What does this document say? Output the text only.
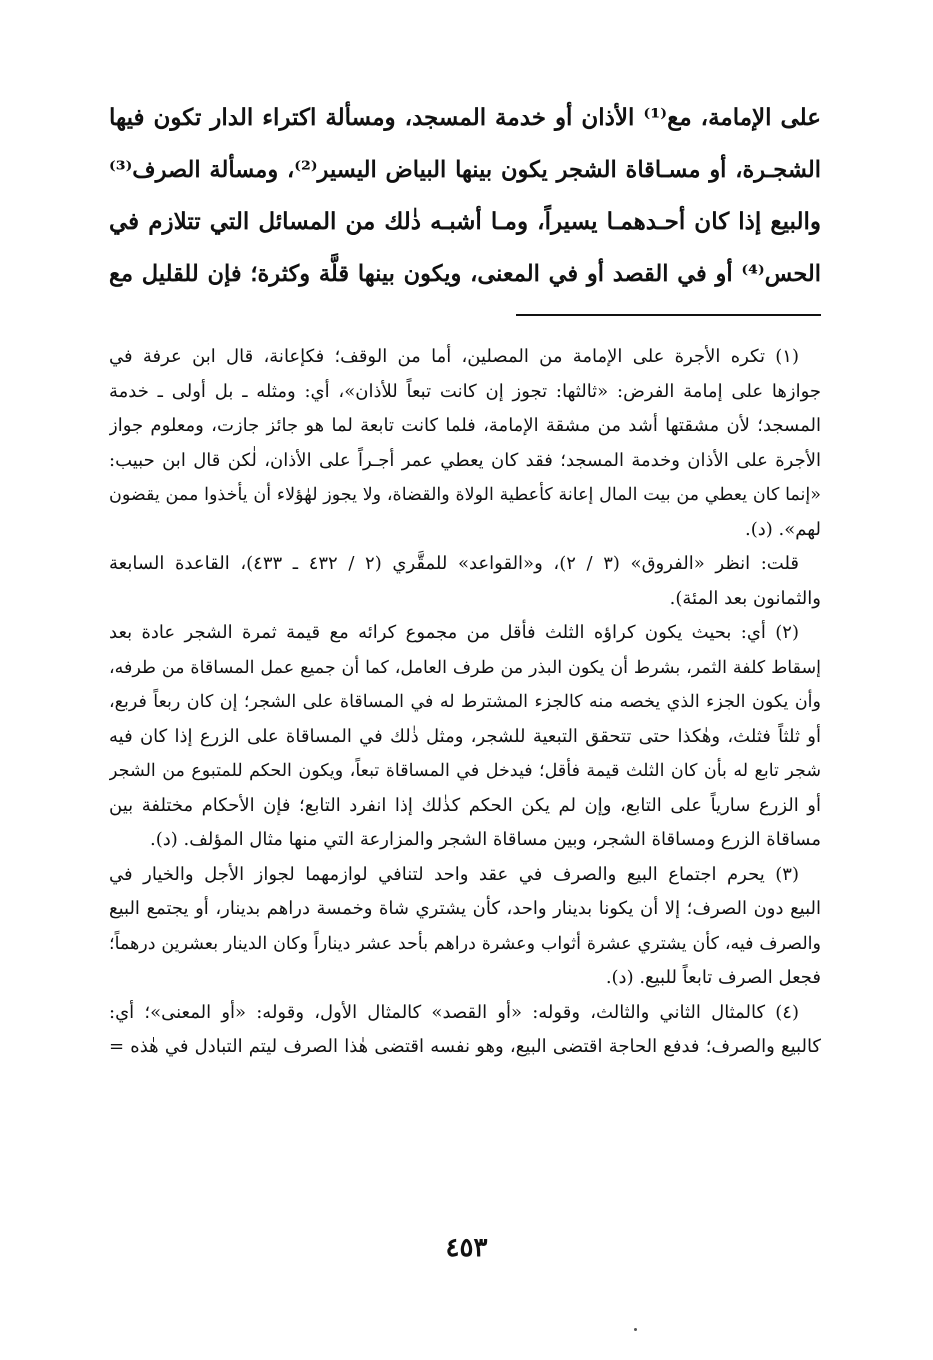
على الإمامة، مع⁽¹⁾ الأذان أو خدمة المسجد، ومسألة اكتراء الدار تكون فيها
الشجـرة، أو مسـاقاة الشجر يكون بينها البياض اليسير⁽²⁾، ومسألة الصرف⁽³⁾
والبيع إذا كان أحـدهمـا يسيراً، ومـا أشبـه ذٰلك من المسائل التي تتلازم في
الحس⁽⁴⁾ أو في القصد أو في المعنى، ويكون بينها قلَّة وكثرة؛ فإن للقليل مع
(١) تكره الأجرة على الإمامة من المصلين، أما من الوقف؛ فكإعانة، قال ابن عرفة في
جوازها على إمامة الفرض: «ثالثها: تجوز إن كانت تبعاً للأذان»، أي: ومثله ـ بل أولى ـ خدمة
المسجد؛ لأن مشقتها أشد من مشقة الإمامة، فلما كانت تابعة لما هو جائز جازت، ومعلوم جواز
الأجرة على الأذان وخدمة المسجد؛ فقد كان يعطي عمر أجـراً على الأذان، لٰكن قال ابن حبيب:
«إنما كان يعطي من بيت المال إعانة كأعطية الولاة والقضاة، ولا يجوز لهٰؤلاء أن يأخذوا ممن يقضون
لهم». (د).
قلت: انظر «الفروق» (٣ / ٢)، و«القواعد» للمقَّري (٢ / ٤٣٢ ـ ٤٣٣)، القاعدة السابعة
والثمانون بعد المئة).
(٢) أي: بحيث يكون كراؤه الثلث فأقل من مجموع كرائه مع قيمة ثمرة الشجر عادة بعد
إسقاط كلفة الثمر، بشرط أن يكون البذر من طرف العامل، كما أن جميع عمل المساقاة من طرفه،
وأن يكون الجزء الذي يخصه منه كالجزء المشترط له في المساقاة على الشجر؛ إن كان ربعاً فربع،
أو ثلثاً فثلث، وهٰكذا حتى تتحقق التبعية للشجر، ومثل ذٰلك في المساقاة على الزرع إذا كان فيه
شجر تابع له بأن كان الثلث قيمة فأقل؛ فيدخل في المساقاة تبعاً، ويكون الحكم للمتبوع من الشجر
أو الزرع سارياً على التابع، وإن لم يكن الحكم كذٰلك إذا انفرد التابع؛ فإن الأحكام مختلفة بين
مساقاة الزرع ومساقاة الشجر، وبين مساقاة الشجر والمزارعة التي منها مثال المؤلف. (د).
(٣) يحرم اجتماع البيع والصرف في عقد واحد لتنافي لوازمهما لجواز الأجل والخيار في
البيع دون الصرف؛ إلا أن يكونا بدينار واحد، كأن يشتري شاة وخمسة دراهم بدينار، أو يجتمع البيع
والصرف فيه، كأن يشتري عشرة أثواب وعشرة دراهم بأحد عشر ديناراً وكان الدينار بعشرين درهماً؛
فجعل الصرف تابعاً للبيع. (د).
(٤) كالمثال الثاني والثالث، وقوله: «أو القصد» كالمثال الأول، وقوله: «أو المعنى»؛ أي:
كالبيع والصرف؛ فدفع الحاجة اقتضى البيع، وهو نفسه اقتضى هٰذا الصرف ليتم التبادل في هٰذه =
٤٥٣
